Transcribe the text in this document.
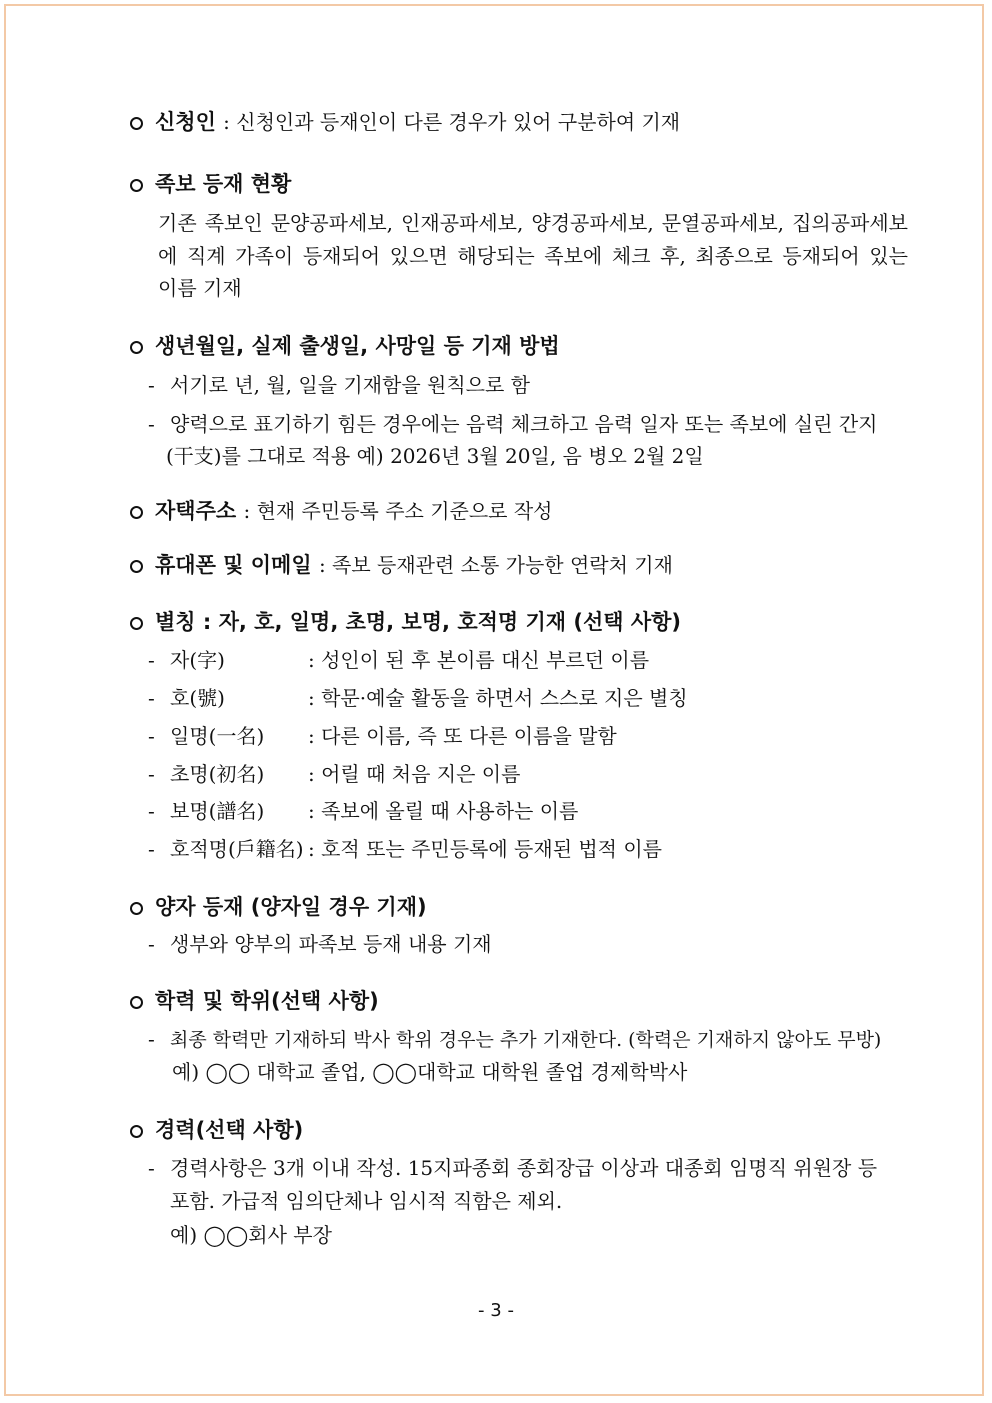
신청인 : 신청인과 등재인이 다른 경우가 있어 구분하여 기재
족보 등재 현황
기존 족보인 문양공파세보, 인재공파세보, 양경공파세보, 문열공파세보, 집의공파세보
에 직계 가족이 등재되어 있으면 해당되는 족보에 체크 후, 최종으로 등재되어 있는
이름 기재
생년월일, 실제 출생일, 사망일 등 기재 방법
- 서기로 년, 월, 일을 기재함을 원칙으로 함
- 양력으로 표기하기 힘든 경우에는 음력 체크하고 음력 일자 또는 족보에 실린 간지
(干支)를 그대로 적용 예) 2026년 3월 20일, 음 병오 2월 2일
자택주소 : 현재 주민등록 주소 기준으로 작성
휴대폰 및 이메일 : 족보 등재관련 소통 가능한 연락처 기재
별칭 : 자, 호, 일명, 초명, 보명, 호적명 기재 (선택 사항)
- 자(字)	: 성인이 된 후 본이름 대신 부르던 이름
- 호(號)	: 학문·예술 활동을 하면서 스스로 지은 별칭
- 일명(一名) : 다른 이름, 즉 또 다른 이름을 말함
- 초명(初名) : 어릴 때 처음 지은 이름
- 보명(譜名) : 족보에 올릴 때 사용하는 이름
- 호적명(戶籍名) : 호적 또는 주민등록에 등재된 법적 이름
양자 등재 (양자일 경우 기재)
- 생부와 양부의 파족보 등재 내용 기재
학력 및 학위(선택 사항)
- 최종 학력만 기재하되 박사 학위 경우는 추가 기재한다. (학력은 기재하지 않아도 무방)
예) ◯◯ 대학교 졸업, ◯◯대학교 대학원 졸업 경제학박사
경력(선택 사항)
- 경력사항은 3개 이내 작성. 15지파종회 종회장급 이상과 대종회 임명직 위원장 등
포함. 가급적 임의단체나 임시적 직함은 제외.
예) ◯◯회사 부장
- 3 -
